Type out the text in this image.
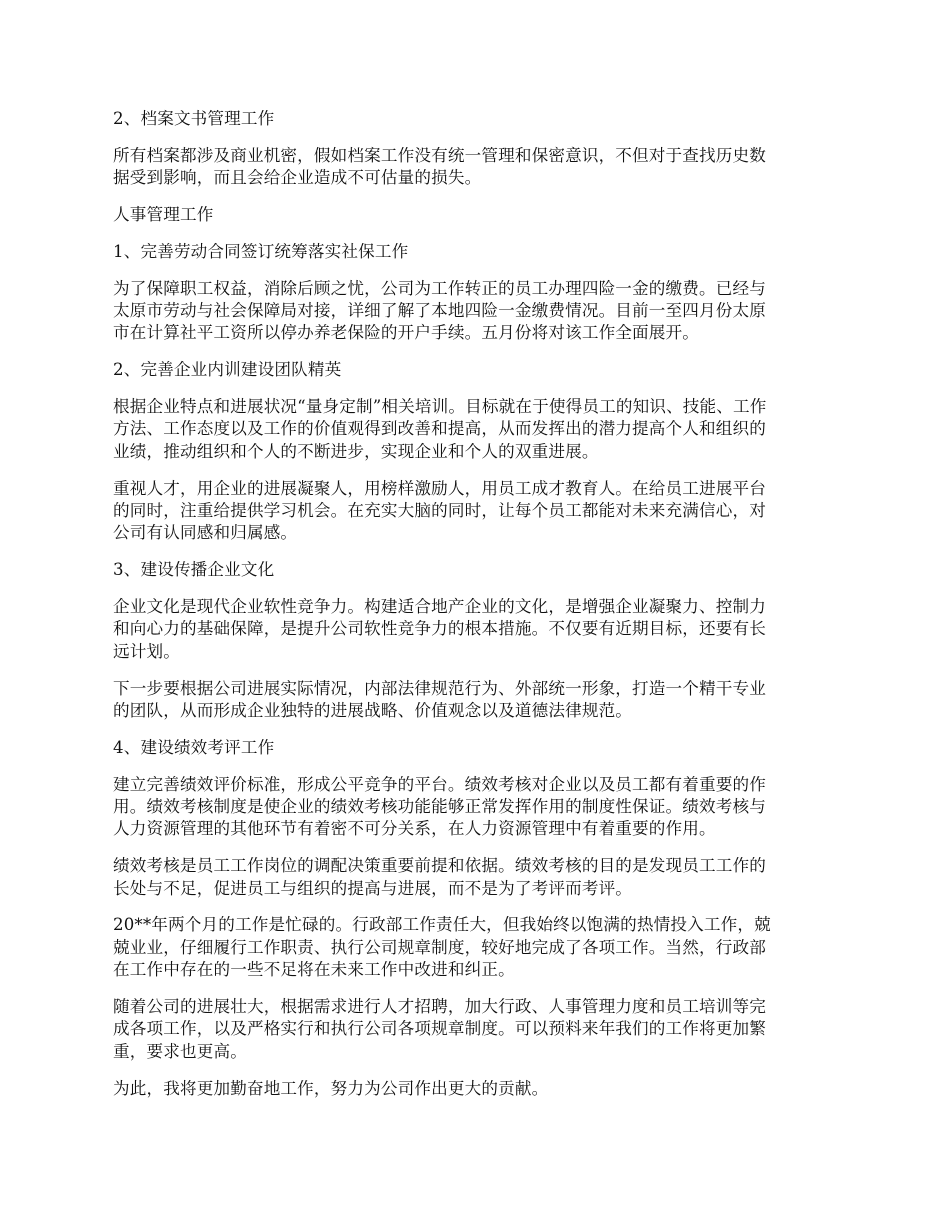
2、档案文书管理工作
所有档案都涉及商业机密，假如档案工作没有统一管理和保密意识，不但对于查找历史数
据受到影响，而且会给企业造成不可估量的损失。
人事管理工作
1、完善劳动合同签订统筹落实社保工作
为了保障职工权益，消除后顾之忧，公司为工作转正的员工办理四险一金的缴费。已经与
太原市劳动与社会保障局对接，详细了解了本地四险一金缴费情况。目前一至四月份太原
市在计算社平工资所以停办养老保险的开户手续。五月份将对该工作全面展开。
2、完善企业内训建设团队精英
根据企业特点和进展状况“量身定制”相关培训。目标就在于使得员工的知识、技能、工作
方法、工作态度以及工作的价值观得到改善和提高，从而发挥出的潜力提高个人和组织的
业绩，推动组织和个人的不断进步，实现企业和个人的双重进展。
重视人才，用企业的进展凝聚人，用榜样激励人，用员工成才教育人。在给员工进展平台
的同时，注重给提供学习机会。在充实大脑的同时，让每个员工都能对未来充满信心，对
公司有认同感和归属感。
3、建设传播企业文化
企业文化是现代企业软性竞争力。构建适合地产企业的文化，是增强企业凝聚力、控制力
和向心力的基础保障，是提升公司软性竞争力的根本措施。不仅要有近期目标，还要有长
远计划。
下一步要根据公司进展实际情况，内部法律规范行为、外部统一形象，打造一个精干专业
的团队，从而形成企业独特的进展战略、价值观念以及道德法律规范。
4、建设绩效考评工作
建立完善绩效评价标准，形成公平竞争的平台。绩效考核对企业以及员工都有着重要的作
用。绩效考核制度是使企业的绩效考核功能能够正常发挥作用的制度性保证。绩效考核与
人力资源管理的其他环节有着密不可分关系，在人力资源管理中有着重要的作用。
绩效考核是员工工作岗位的调配决策重要前提和依据。绩效考核的目的是发现员工工作的
长处与不足，促进员工与组织的提高与进展，而不是为了考评而考评。
20**年两个月的工作是忙碌的。行政部工作责任大，但我始终以饱满的热情投入工作，兢
兢业业，仔细履行工作职责、执行公司规章制度，较好地完成了各项工作。当然，行政部
在工作中存在的一些不足将在未来工作中改进和纠正。
随着公司的进展壮大，根据需求进行人才招聘，加大行政、人事管理力度和员工培训等完
成各项工作，以及严格实行和执行公司各项规章制度。可以预料来年我们的工作将更加繁
重，要求也更高。
为此，我将更加勤奋地工作，努力为公司作出更大的贡献。
